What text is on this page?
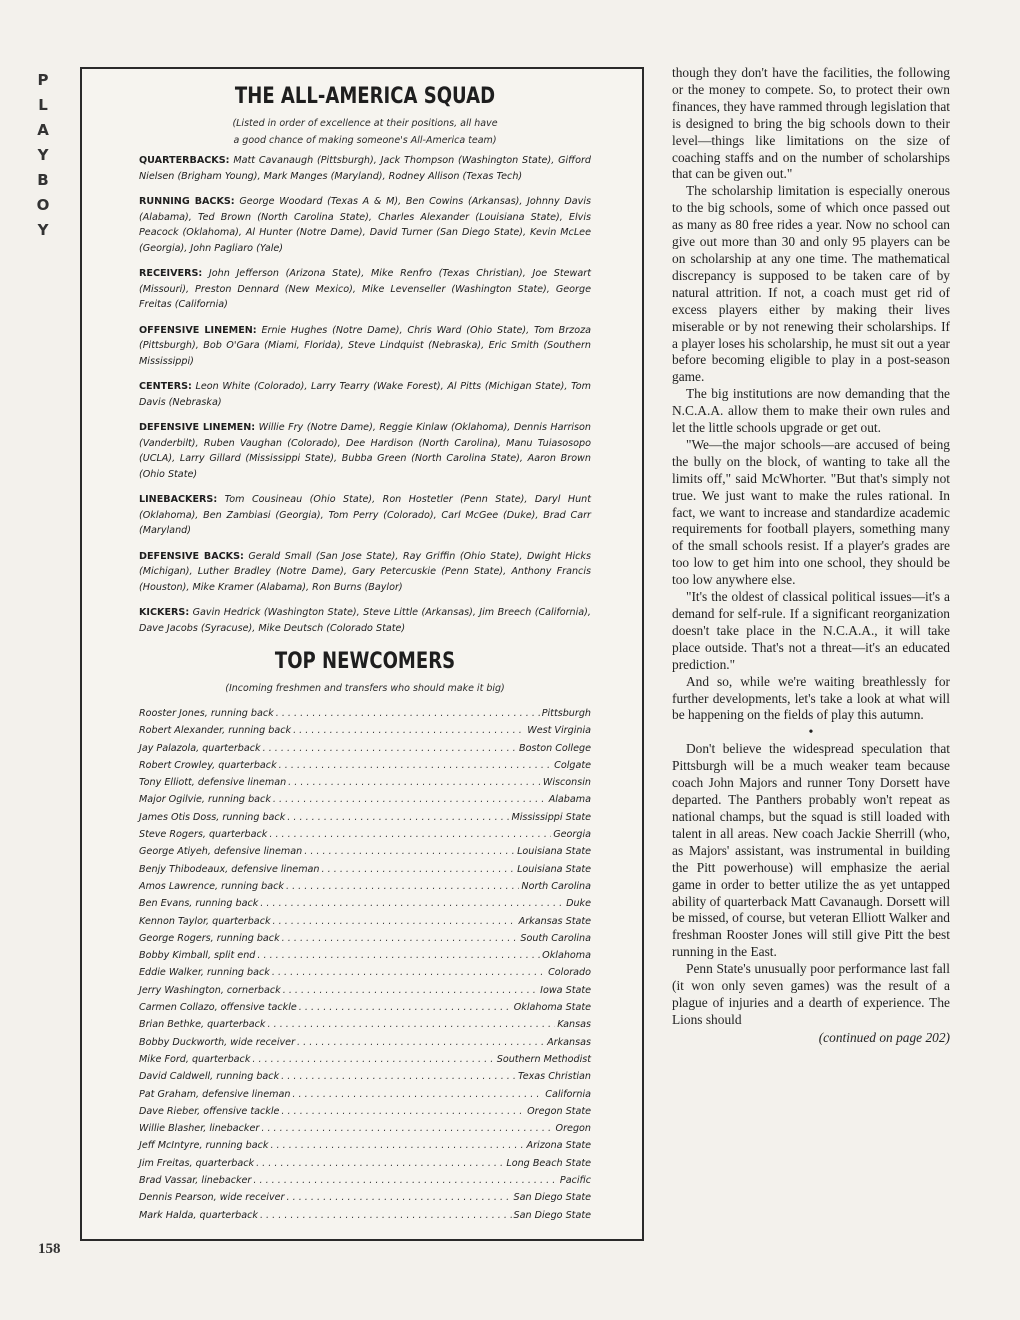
P
L
A
Y
B
O
Y
158
THE ALL-AMERICA SQUAD
(Listed in order of excellence at their positions, all have
a good chance of making someone's All-America team)

QUARTERBACKS: Matt Cavanaugh (Pittsburgh), Jack Thompson (Washington State), Gifford Nielsen (Brigham Young), Mark Manges (Maryland), Rodney Allison (Texas Tech)

RUNNING BACKS: George Woodard (Texas A & M), Ben Cowins (Arkansas), Johnny Davis (Alabama), Ted Brown (North Carolina State), Charles Alexander (Louisiana State), Elvis Peacock (Oklahoma), Al Hunter (Notre Dame), David Turner (San Diego State), Kevin McLee (Georgia), John Pagliaro (Yale)

RECEIVERS: John Jefferson (Arizona State), Mike Renfro (Texas Christian), Joe Stewart (Missouri), Preston Dennard (New Mexico), Mike Levenseller (Washington State), George Freitas (California)

OFFENSIVE LINEMEN: Ernie Hughes (Notre Dame), Chris Ward (Ohio State), Tom Brzoza (Pittsburgh), Bob O'Gara (Miami, Florida), Steve Lindquist (Nebraska), Eric Smith (Southern Mississippi)

CENTERS: Leon White (Colorado), Larry Tearry (Wake Forest), Al Pitts (Michigan State), Tom Davis (Nebraska)

DEFENSIVE LINEMEN: Willie Fry (Notre Dame), Reggie Kinlaw (Oklahoma), Dennis Harrison (Vanderbilt), Ruben Vaughan (Colorado), Dee Hardison (North Carolina), Manu Tuiasosopo (UCLA), Larry Gillard (Mississippi State), Bubba Green (North Carolina State), Aaron Brown (Ohio State)

LINEBACKERS: Tom Cousineau (Ohio State), Ron Hostetler (Penn State), Daryl Hunt (Oklahoma), Ben Zambiasi (Georgia), Tom Perry (Colorado), Carl McGee (Duke), Brad Carr (Maryland)

DEFENSIVE BACKS: Gerald Small (San Jose State), Ray Griffin (Ohio State), Dwight Hicks (Michigan), Luther Bradley (Notre Dame), Gary Petercuskie (Penn State), Anthony Francis (Houston), Mike Kramer (Alabama), Ron Burns (Baylor)

KICKERS: Gavin Hedrick (Washington State), Steve Little (Arkansas), Jim Breech (California), Dave Jacobs (Syracuse), Mike Deutsch (Colorado State)

TOP NEWCOMERS
(Incoming freshmen and transfers who should make it big)
Rooster Jones, running back . . .	Pittsburgh
Robert Alexander, running back . . .	West Virginia
Jay Palazola, quarterback . . .	Boston College
Robert Crowley, quarterback . . .	Colgate
Tony Elliott, defensive lineman . . .	Wisconsin
Major Ogilvie, running back . . .	Alabama
James Otis Doss, running back . . .	Mississippi State
Steve Rogers, quarterback . . .	Georgia
George Atiyeh, defensive lineman . . .	Louisiana State
Benjy Thibodeaux, defensive lineman . . .	Louisiana State
Amos Lawrence, running back . . .	North Carolina
Ben Evans, running back . . .	Duke
Kennon Taylor, quarterback . . .	Arkansas State
George Rogers, running back . . .	South Carolina
Bobby Kimball, split end . . .	Oklahoma
Eddie Walker, running back . . .	Colorado
Jerry Washington, cornerback . . .	Iowa State
Carmen Collazo, offensive tackle . . .	Oklahoma State
Brian Bethke, quarterback . . .	Kansas
Bobby Duckworth, wide receiver . . .	Arkansas
Mike Ford, quarterback . . .	Southern Methodist
David Caldwell, running back . . .	Texas Christian
Pat Graham, defensive lineman . . .	California
Dave Rieber, offensive tackle . . .	Oregon State
Willie Blasher, linebacker . . .	Oregon
Jeff McIntyre, running back . . .	Arizona State
Jim Freitas, quarterback . . .	Long Beach State
Brad Vassar, linebacker . . .	Pacific
Dennis Pearson, wide receiver . . .	San Diego State
Mark Halda, quarterback . . .	San Diego State

though they don't have the facilities, the following or the money to compete. So, to protect their own finances, they have rammed through legislation that is designed to bring the big schools down to their level—things like limitations on the size of coaching staffs and on the number of scholarships that can be given out."

The scholarship limitation is especially onerous to the big schools, some of which once passed out as many as 80 free rides a year. Now no school can give out more than 30 and only 95 players can be on scholarship at any one time. The mathematical discrepancy is supposed to be taken care of by natural attrition. If not, a coach must get rid of excess players either by making their lives miserable or by not renewing their scholarships. If a player loses his scholarship, he must sit out a year before becoming eligible to play in a post-season game.

The big institutions are now demanding that the N.C.A.A. allow them to make their own rules and let the little schools upgrade or get out.

"We—the major schools—are accused of being the bully on the block, of wanting to take all the limits off," said McWhorter. "But that's simply not true. We just want to make the rules rational. In fact, we want to increase and standardize academic requirements for football players, something many of the small schools resist. If a player's grades are too low to get him into one school, they should be too low anywhere else.

"It's the oldest of classical political issues—it's a demand for self-rule. If a significant reorganization doesn't take place in the N.C.A.A., it will take place outside. That's not a threat—it's an educated prediction."

And so, while we're waiting breathlessly for further developments, let's take a look at what will be happening on the fields of play this autumn.

•

Don't believe the widespread speculation that Pittsburgh will be a much weaker team because coach John Majors and runner Tony Dorsett have departed. The Panthers probably won't repeat as national champs, but the squad is still loaded with talent in all areas. New coach Jackie Sherrill (who, as Majors' assistant, was instrumental in building the Pitt powerhouse) will emphasize the aerial game in order to better utilize the as yet untapped ability of quarterback Matt Cavanaugh. Dorsett will be missed, of course, but veteran Elliott Walker and freshman Rooster Jones will still give Pitt the best running in the East.

Penn State's unusually poor performance last fall (it won only seven games) was the result of a plague of injuries and a dearth of experience. The Lions should

(continued on page 202)
